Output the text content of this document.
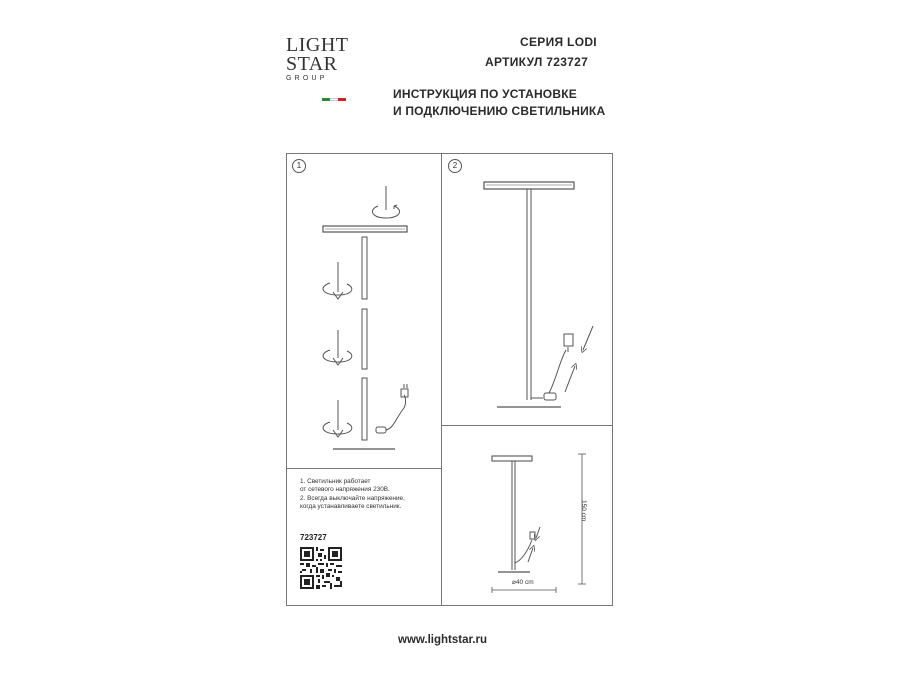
LIGHT
STAR
GROUP
СЕРИЯ LODI
АРТИКУЛ 723727
ИНСТРУКЦИЯ ПО УСТАНОВКЕ
И ПОДКЛЮЧЕНИЮ СВЕТИЛЬНИКА
1	2
1. Светильник работает
от сетевого напряжения 230В.
2. Всегда выключайте напряжение,
когда устанавливаете светильник.
723727
150 cm
⌀40 cm
www.lightstar.ru
